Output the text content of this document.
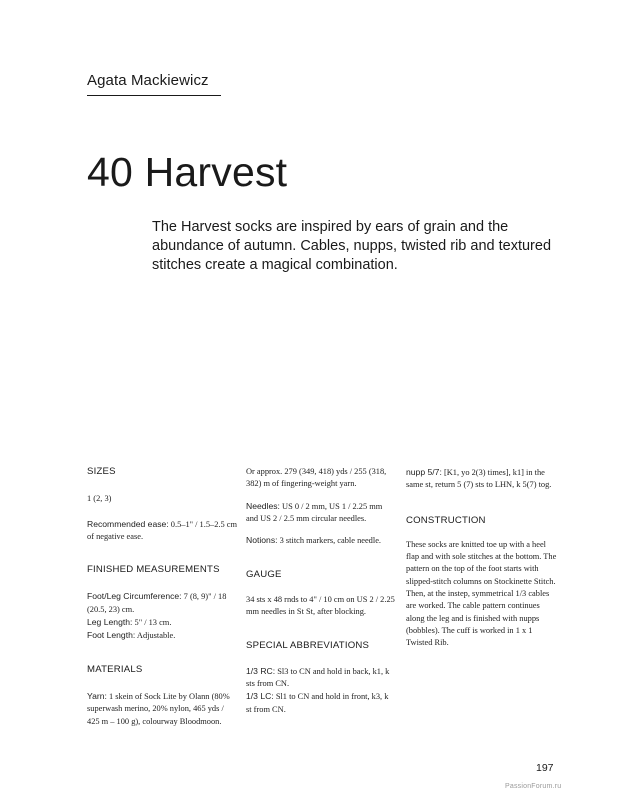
Agata Mackiewicz
40 Harvest
The Harvest socks are inspired by ears of grain and the abundance of autumn. Cables, nupps, twisted rib and textured stitches create a magical combination.

SIZES

1 (2, 3)

Recommended ease: 0.5–1" / 1.5–2.5 cm of negative ease.

FINISHED MEASUREMENTS

Foot/Leg Circumference: 7 (8, 9)" / 18 (20.5, 23) cm.

Leg Length: 5" / 13 cm.

Foot Length: Adjustable.

MATERIALS

Yarn: 1 skein of Sock Lite by Olann (80% superwash merino, 20% nylon, 465 yds / 425 m – 100 g), colourway Bloodmoon.

Or approx. 279 (349, 418) yds / 255 (318, 382) m of fingering-weight yarn.

Needles: US 0 / 2 mm, US 1 / 2.25 mm and US 2 / 2.5 mm circular needles.

Notions: 3 stitch markers, cable needle.

GAUGE

34 sts x 48 rnds to 4" / 10 cm on US 2 / 2.25 mm needles in St St, after blocking.

SPECIAL ABBREVIATIONS

1/3 RC: Sl3 to CN and hold in back, k1, k sts from CN.

1/3 LC: Sl1 to CN and hold in front, k3, k st from CN.

nupp 5/7: [K1, yo 2(3) times], k1] in the same st, return 5 (7) sts to LHN, k 5(7) tog.

CONSTRUCTION

These socks are knitted toe up with a heel flap and with sole stitches at the bottom. The pattern on the top of the foot starts with slipped-stitch columns on Stockinette Stitch. Then, at the instep, symmetrical 1/3 cables are worked. The cable pattern continues along the leg and is finished with nupps (bobbles). The cuff is worked in 1 x 1 Twisted Rib.

197
PassionForum.ru
